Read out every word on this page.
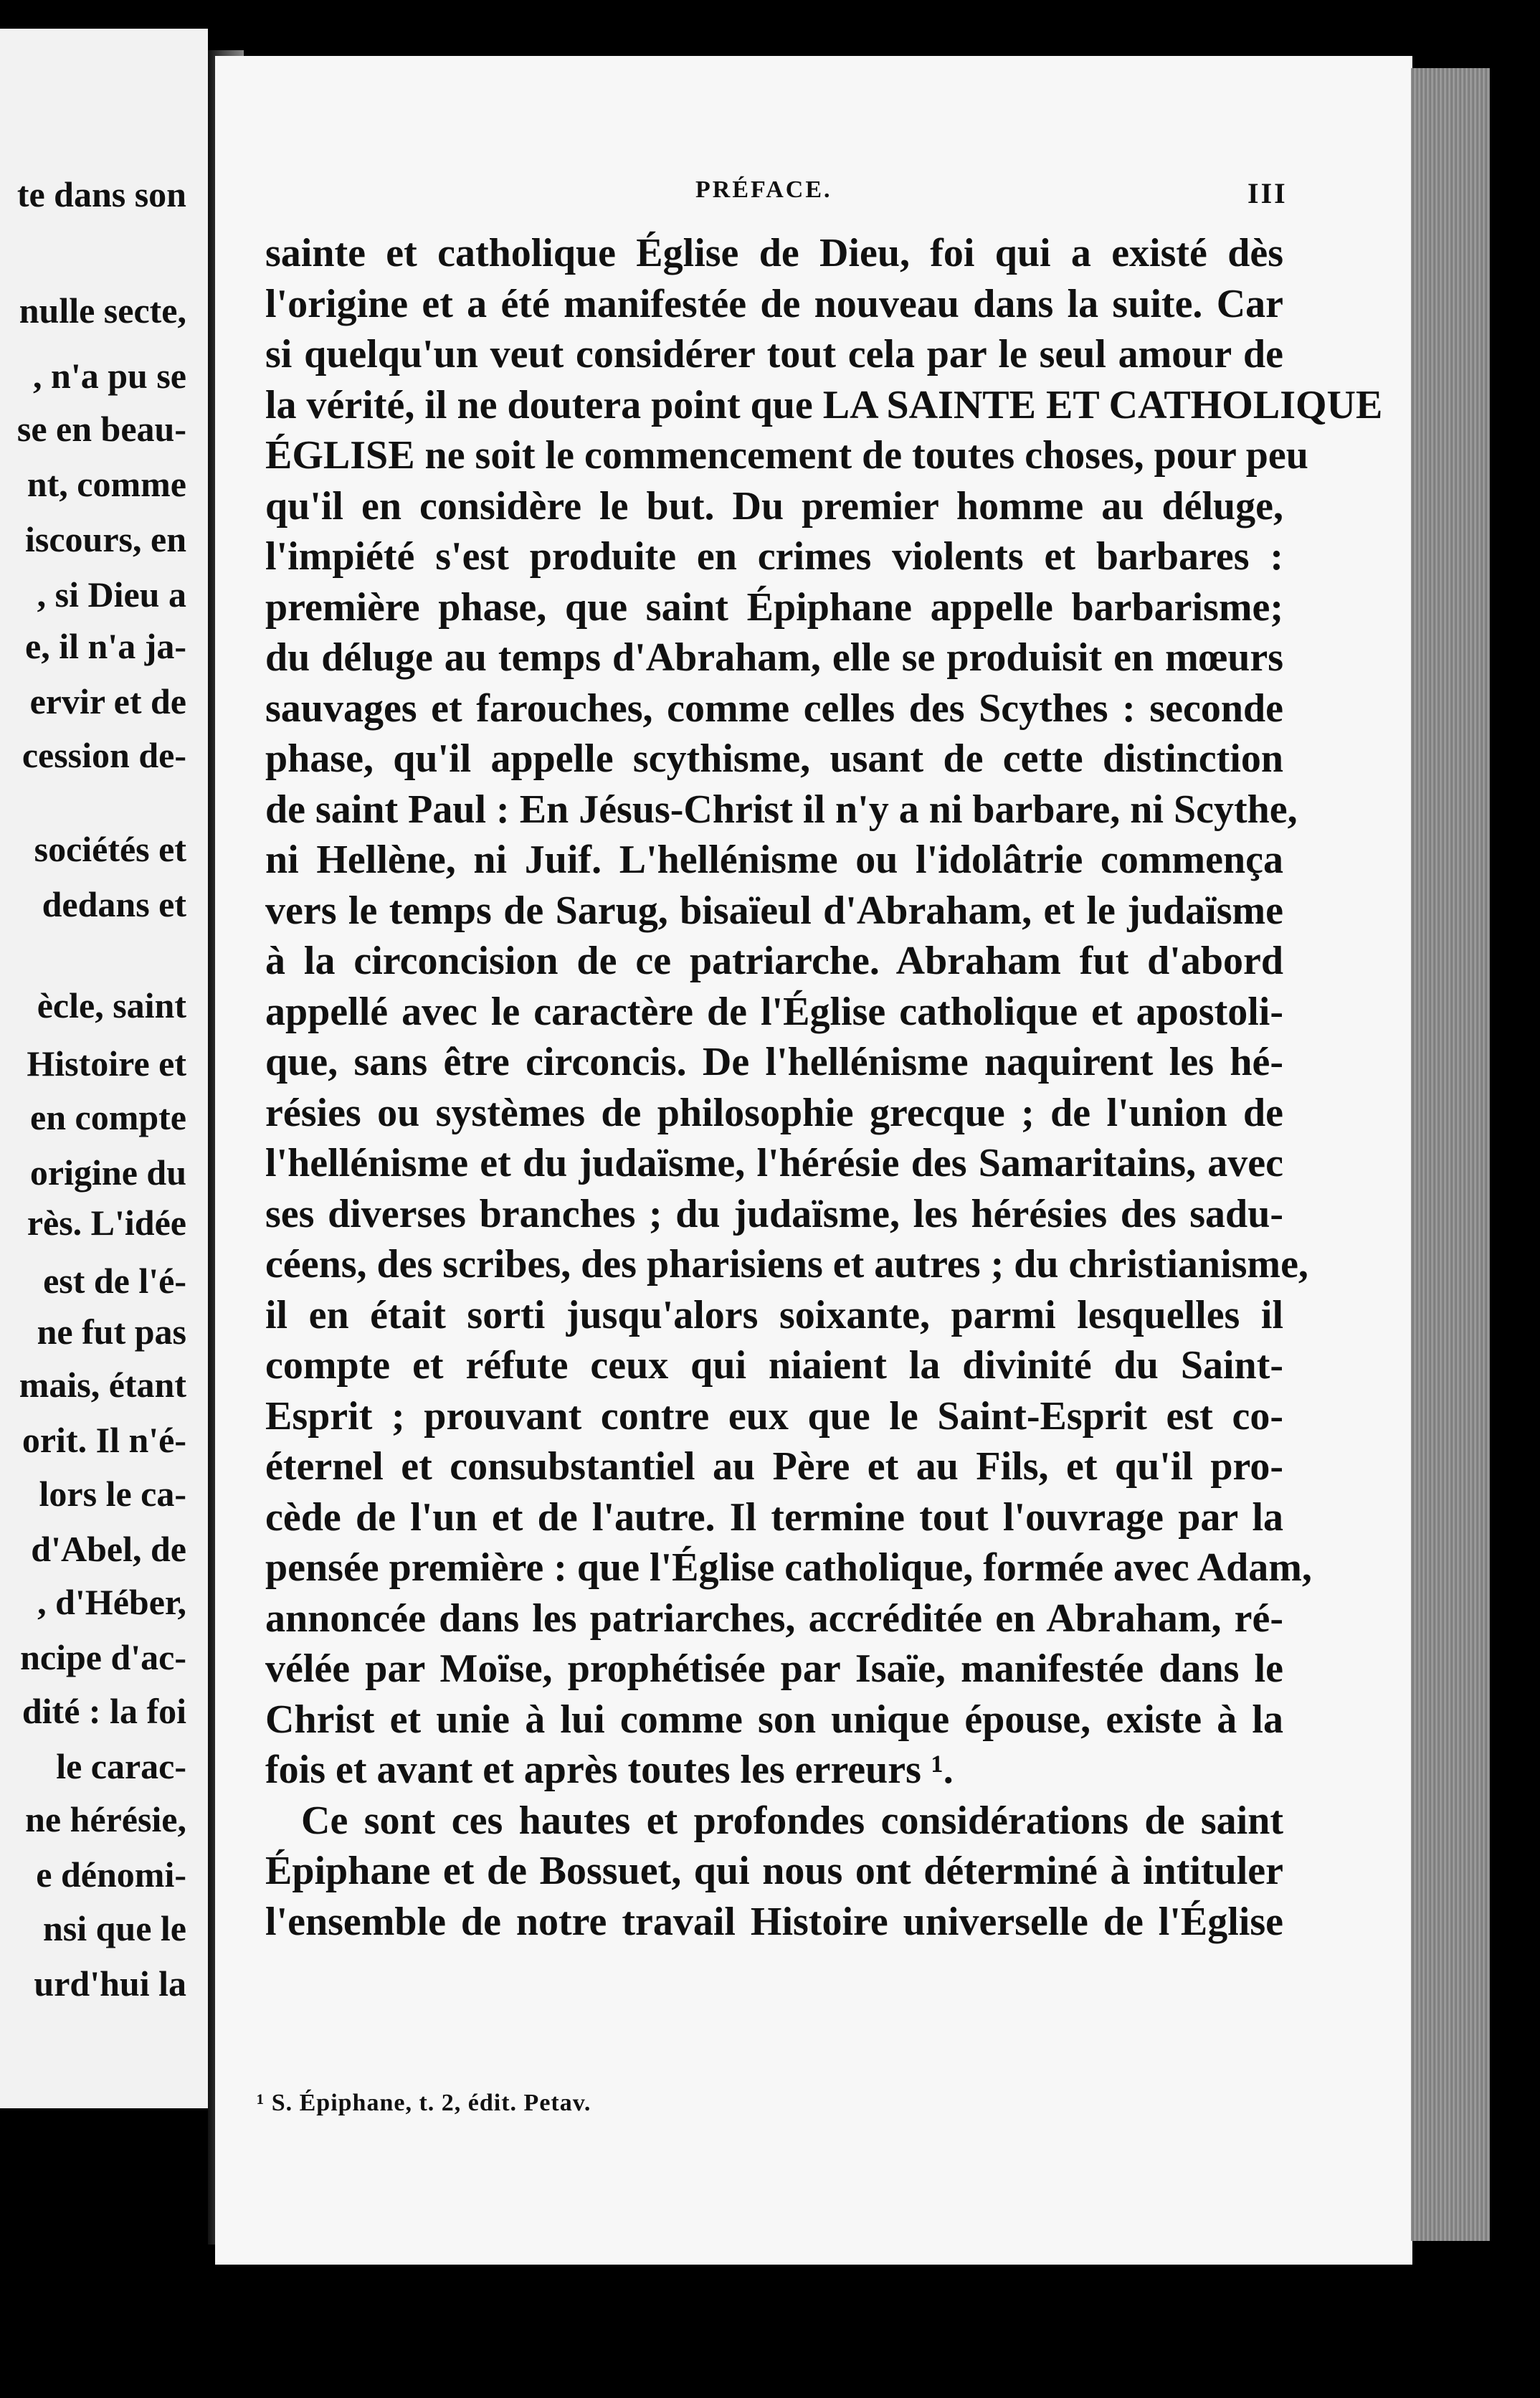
te dans son
nulle secte,
, n'a pu se
se en beau-
nt, comme
iscours, en
, si Dieu a
e, il n'a ja-
ervir et de
cession de-
sociétés et
dedans et
ècle, saint
Histoire et
en compte
origine du
rès. L'idée
est de l'é-
ne fut pas
mais, étant
orit. Il n'é-
lors le ca-
d'Abel, de
, d'Héber,
ncipe d'ac-
dité : la foi
le carac-
ne hérésie,
e dénomi-
nsi que le
urd'hui la
PRÉFACE.	III
sainte et catholique Église de Dieu, foi qui a existé dès
l'origine et a été manifestée de nouveau dans la suite. Car
si quelqu'un veut considérer tout cela par le seul amour de
la vérité, il ne doutera point que LA SAINTE ET CATHOLIQUE
ÉGLISE ne soit le commencement de toutes choses, pour peu
qu'il en considère le but. Du premier homme au déluge,
l'impiété s'est produite en crimes violents et barbares :
première phase, que saint Épiphane appelle barbarisme;
du déluge au temps d'Abraham, elle se produisit en mœurs
sauvages et farouches, comme celles des Scythes : seconde
phase, qu'il appelle scythisme, usant de cette distinction
de saint Paul : En Jésus-Christ il n'y a ni barbare, ni Scythe,
ni Hellène, ni Juif. L'hellénisme ou l'idolâtrie commença
vers le temps de Sarug, bisaïeul d'Abraham, et le judaïsme
à la circoncision de ce patriarche. Abraham fut d'abord
appellé avec le caractère de l'Église catholique et apostoli-
que, sans être circoncis. De l'hellénisme naquirent les hé-
résies ou systèmes de philosophie grecque ; de l'union de
l'hellénisme et du judaïsme, l'hérésie des Samaritains, avec
ses diverses branches ; du judaïsme, les hérésies des sadu-
céens, des scribes, des pharisiens et autres ; du christianisme,
il en était sorti jusqu'alors soixante, parmi lesquelles il
compte et réfute ceux qui niaient la divinité du Saint-
Esprit ; prouvant contre eux que le Saint-Esprit est co-
éternel et consubstantiel au Père et au Fils, et qu'il pro-
cède de l'un et de l'autre. Il termine tout l'ouvrage par la
pensée première : que l'Église catholique, formée avec Adam,
annoncée dans les patriarches, accréditée en Abraham, ré-
vélée par Moïse, prophétisée par Isaïe, manifestée dans le
Christ et unie à lui comme son unique épouse, existe à la
fois et avant et après toutes les erreurs ¹.
Ce sont ces hautes et profondes considérations de saint
Épiphane et de Bossuet, qui nous ont déterminé à intituler
l'ensemble de notre travail Histoire universelle de l'Église
¹ S. Épiphane, t. 2, édit. Petav.
